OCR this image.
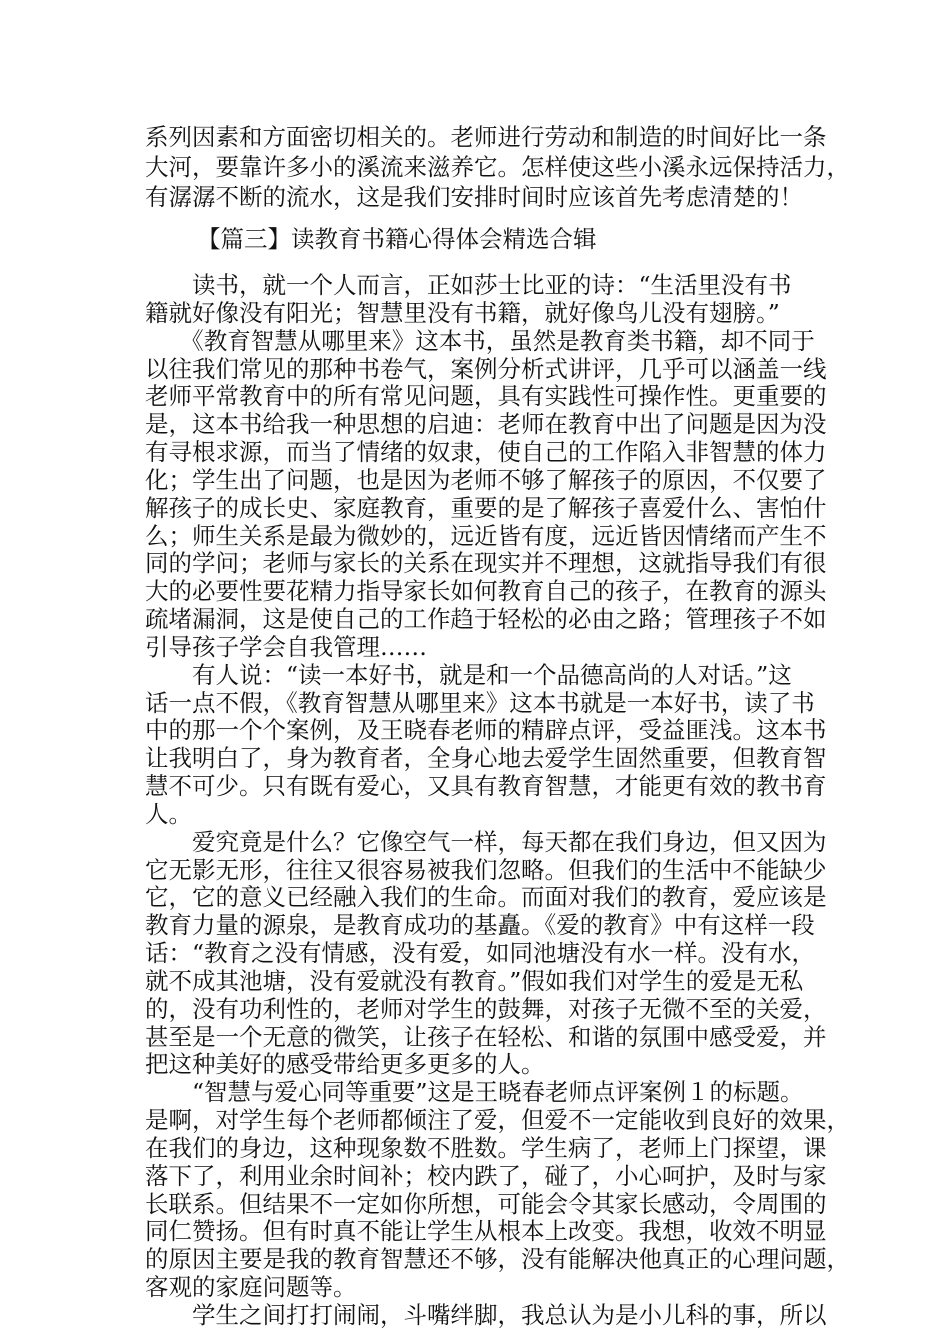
系列因素和方面密切相关的。老师进行劳动和制造的时间好比一条
大河，要靠许多小的溪流来滋养它。怎样使这些小溪永远保持活力，
有潺潺不断的流水，这是我们安排时间时应该首先考虑清楚的！
【篇三】读教育书籍心得体会精选合辑
　　读书，就一个人而言，正如莎士比亚的诗：“生活里没有书
籍就好像没有阳光；智慧里没有书籍，就好像鸟儿没有翅膀。”
　　《教育智慧从哪里来》这本书，虽然是教育类书籍，却不同于
以往我们常见的那种书卷气，案例分析式讲评，几乎可以涵盖一线
老师平常教育中的所有常见问题，具有实践性可操作性。更重要的
是，这本书给我一种思想的启迪：老师在教育中出了问题是因为没
有寻根求源，而当了情绪的奴隶，使自己的工作陷入非智慧的体力
化；学生出了问题，也是因为老师不够了解孩子的原因，不仅要了
解孩子的成长史、家庭教育，重要的是了解孩子喜爱什么、害怕什
么；师生关系是最为微妙的，远近皆有度，远近皆因情绪而产生不
同的学问；老师与家长的关系在现实并不理想，这就指导我们有很
大的必要性要花精力指导家长如何教育自己的孩子，在教育的源头
疏堵漏洞，这是使自己的工作趋于轻松的必由之路；管理孩子不如
引导孩子学会自我管理……
　　有人说：“读一本好书，就是和一个品德高尚的人对话。”这
话一点不假，《教育智慧从哪里来》这本书就是一本好书，读了书
中的那一个个案例，及王晓春老师的精辟点评，受益匪浅。这本书
让我明白了，身为教育者，全身心地去爱学生固然重要，但教育智
慧不可少。只有既有爱心，又具有教育智慧，才能更有效的教书育
人。
　　爱究竟是什么？它像空气一样，每天都在我们身边，但又因为
它无影无形，往往又很容易被我们忽略。但我们的生活中不能缺少
它，它的意义已经融入我们的生命。而面对我们的教育，爱应该是
教育力量的源泉，是教育成功的基矗。《爱的教育》中有这样一段
话：“教育之没有情感，没有爱，如同池塘没有水一样。没有水，
就不成其池塘，没有爱就没有教育。”假如我们对学生的爱是无私
的，没有功利性的，老师对学生的鼓舞，对孩子无微不至的关爱，
甚至是一个无意的微笑，让孩子在轻松、和谐的氛围中感受爱，并
把这种美好的感受带给更多更多的人。
　　“智慧与爱心同等重要”这是王晓春老师点评案例１的标题。
是啊，对学生每个老师都倾注了爱，但爱不一定能收到良好的效果，
在我们的身边，这种现象数不胜数。学生病了，老师上门探望，课
落下了，利用业余时间补；校内跌了，碰了，小心呵护，及时与家
长联系。但结果不一定如你所想，可能会令其家长感动，令周围的
同仁赞扬。但有时真不能让学生从根本上改变。我想，收效不明显
的原因主要是我的教育智慧还不够，没有能解决他真正的心理问题，
客观的家庭问题等。
　　学生之间打打闹闹，斗嘴绊脚，我总认为是小儿科的事，所以
